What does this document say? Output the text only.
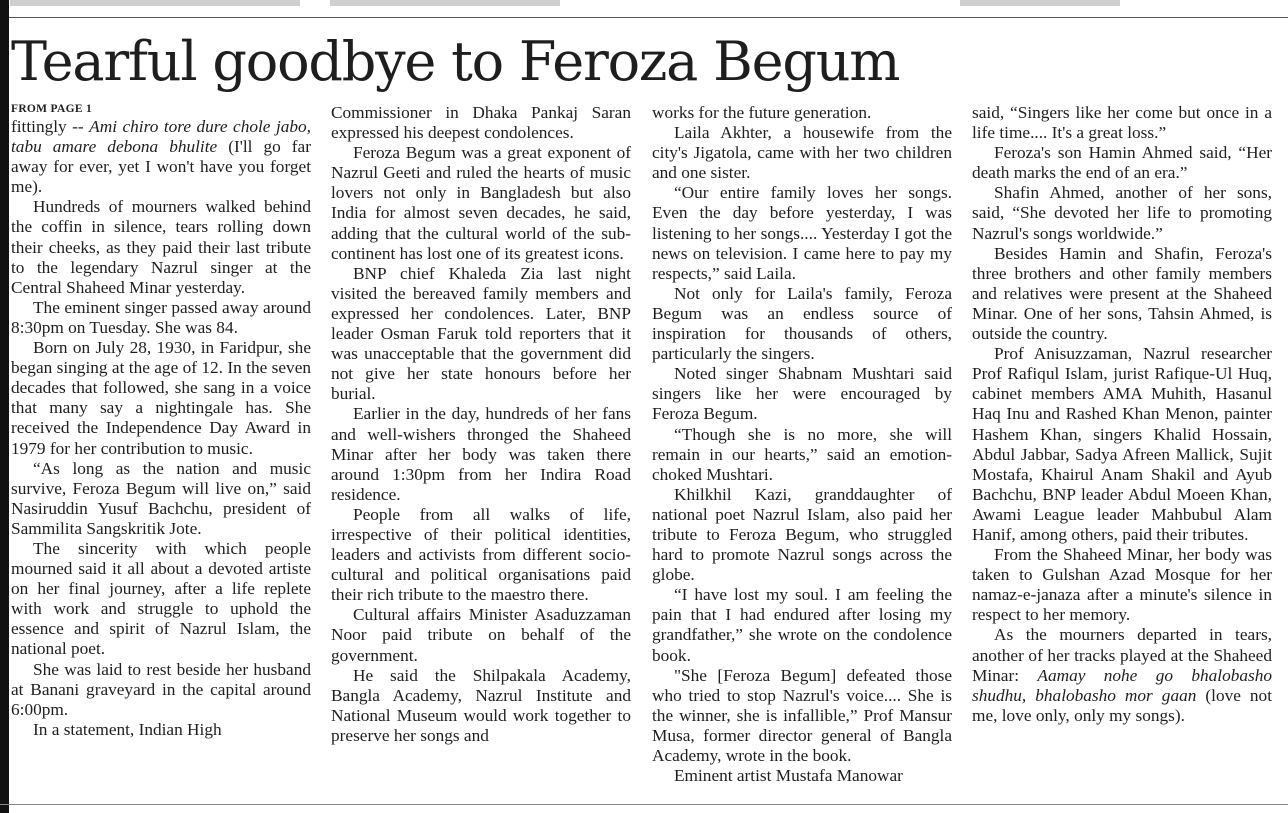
Tearful goodbye to Feroza Begum
FROM PAGE 1

fittingly -- Ami chiro tore dure chole jabo, tabu amare debona bhulite (I'll go far away for ever, yet I won't have you forget me).

Hundreds of mourners walked behind the coffin in silence, tears rolling down their cheeks, as they paid their last tribute to the legendary Nazrul singer at the Central Shaheed Minar yesterday.

The eminent singer passed away around 8:30pm on Tuesday. She was 84.

Born on July 28, 1930, in Faridpur, she began singing at the age of 12. In the seven decades that followed, she sang in a voice that many say a nightingale has. She received the Independence Day Award in 1979 for her contribution to music.

“As long as the nation and music survive, Feroza Begum will live on,” said Nasiruddin Yusuf Bachchu, president of Sammilita Sangskritik Jote.

The sincerity with which people mourned said it all about a devoted artiste on her final journey, after a life replete with work and struggle to uphold the essence and spirit of Nazrul Islam, the national poet.

She was laid to rest beside her husband at Banani graveyard in the capital around 6:00pm.

In a statement, Indian High

Commissioner in Dhaka Pankaj Saran expressed his deepest condolences.

Feroza Begum was a great exponent of Nazrul Geeti and ruled the hearts of music lovers not only in Bangladesh but also India for almost seven decades, he said, adding that the cultural world of the sub-continent has lost one of its greatest icons.

BNP chief Khaleda Zia last night visited the bereaved family members and expressed her condolences. Later, BNP leader Osman Faruk told reporters that it was unacceptable that the government did not give her state honours before her burial.

Earlier in the day, hundreds of her fans and well-wishers thronged the Shaheed Minar after her body was taken there around 1:30pm from her Indira Road residence.

People from all walks of life, irrespective of their political identities, leaders and activists from different socio-cultural and political organisations paid their rich tribute to the maestro there.

Cultural affairs Minister Asaduzzaman Noor paid tribute on behalf of the government.

He said the Shilpakala Academy, Bangla Academy, Nazrul Institute and National Museum would work together to preserve her songs and

works for the future generation.

Laila Akhter, a housewife from the city's Jigatola, came with her two children and one sister.

“Our entire family loves her songs. Even the day before yesterday, I was listening to her songs.... Yesterday I got the news on television. I came here to pay my respects,” said Laila.

Not only for Laila's family, Feroza Begum was an endless source of inspiration for thousands of others, particularly the singers.

Noted singer Shabnam Mushtari said singers like her were encouraged by Feroza Begum.

“Though she is no more, she will remain in our hearts,” said an emotion-choked Mushtari.

Khilkhil Kazi, granddaughter of national poet Nazrul Islam, also paid her tribute to Feroza Begum, who struggled hard to promote Nazrul songs across the globe.

“I have lost my soul. I am feeling the pain that I had endured after losing my grandfather,” she wrote on the condolence book.

"She [Feroza Begum] defeated those who tried to stop Nazrul's voice.... She is the winner, she is infallible,” Prof Mansur Musa, former director general of Bangla Academy, wrote in the book.

Eminent artist Mustafa Manowar

said, “Singers like her come but once in a life time.... It's a great loss.”

Feroza's son Hamin Ahmed said, “Her death marks the end of an era.”

Shafin Ahmed, another of her sons, said, “She devoted her life to promoting Nazrul's songs worldwide.”

Besides Hamin and Shafin, Feroza's three brothers and other family members and relatives were present at the Shaheed Minar. One of her sons, Tahsin Ahmed, is outside the country.

Prof Anisuzzaman, Nazrul researcher Prof Rafiqul Islam, jurist Rafique-Ul Huq, cabinet members AMA Muhith, Hasanul Haq Inu and Rashed Khan Menon, painter Hashem Khan, singers Khalid Hossain, Abdul Jabbar, Sadya Afreen Mallick, Sujit Mostafa, Khairul Anam Shakil and Ayub Bachchu, BNP leader Abdul Moeen Khan, Awami League leader Mahbubul Alam Hanif, among others, paid their tributes.

From the Shaheed Minar, her body was taken to Gulshan Azad Mosque for her namaz-e-janaza after a minute's silence in respect to her memory.

As the mourners departed in tears, another of her tracks played at the Shaheed Minar: Aamay nohe go bhalobasho shudhu, bhalobasho mor gaan (love not me, love only, only my songs).
